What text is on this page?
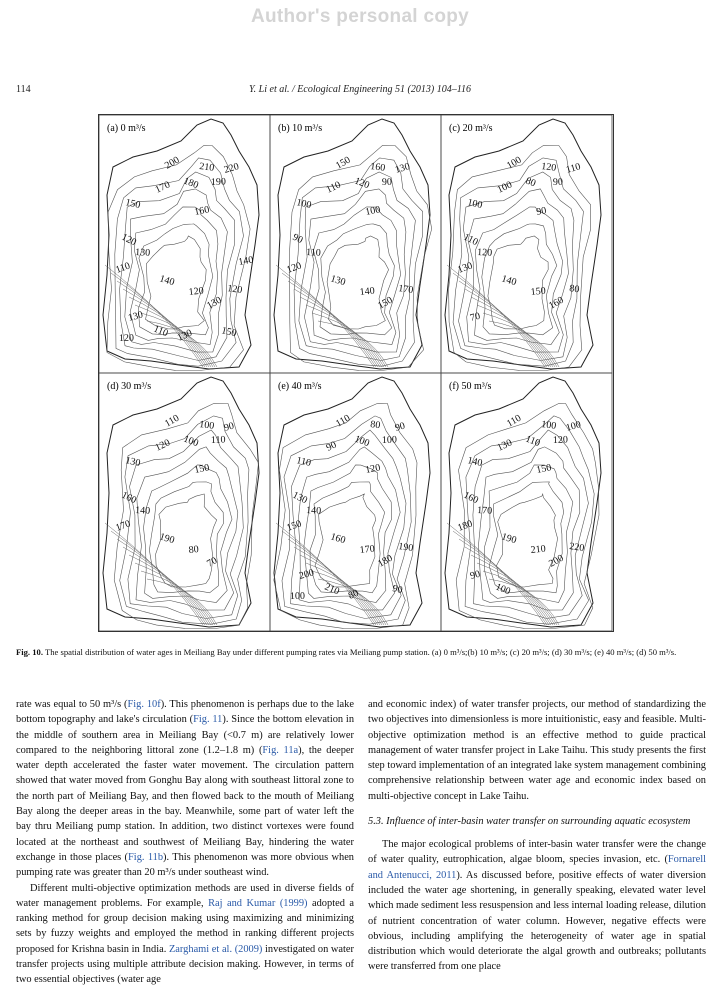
Author's personal copy
114	Y. Li et al. / Ecological Engineering 51 (2013) 104–116
(a) 0 m³/s
200 210 220
180 190
170
150
160
120
130
110
140
120
130
120
130
110
120	130	150
140
(b) 10 m³/s
150 160 130
120 90
110
100
100
90
110
120
130
140
150
170
(c) 20 m³/s
100 120 110
80 90
100
100
90
110
120
130
140
150
160
80
70
(d) 30 m³/s
110 100 90
100 110
120
130
150
160
140
170
190
80
70
(e) 40 m³/s
110 80 90
100 100
90
110
120
130
140
150
160
170
180
190
200
210
100	80	90
(f) 50 m³/s
110 100 100
110 120
130
140
150
160
170
180
190
210
200
220
90
100
Fig. 10. The spatial distribution of water ages in Meiliang Bay under different pumping rates via Meiliang pump station. (a) 0 m³/s;(b) 10 m³/s; (c) 20 m³/s; (d) 30 m³/s; (e) 40 m³/s; (d) 50 m³/s.

rate was equal to 50 m³/s (Fig. 10f). This phenomenon is perhaps due to the lake bottom topography and lake's circulation (Fig. 11). Since the bottom elevation in the middle of southern area in Meiliang Bay (<0.7 m) are relatively lower compared to the neighboring littoral zone (1.2–1.8 m) (Fig. 11a), the deeper water depth accelerated the faster water movement. The circulation pattern showed that water moved from Gonghu Bay along with southeast littoral zone to the north part of Meiliang Bay, and then flowed back to the mouth of Meiliang Bay along the deeper areas in the bay. Meanwhile, some part of water left the bay thru Meiliang pump station. In addition, two distinct vortexes were found located at the northeast and southwest of Meiliang Bay, hindering the water exchange in those places (Fig. 11b). This phenomenon was more obvious when pumping rate was greater than 20 m³/s under southeast wind.

Different multi-objective optimization methods are used in diverse fields of water management problems. For example, Raj and Kumar (1999) adopted a ranking method for group decision making using maximizing and minimizing sets by fuzzy weights and employed the method in ranking different projects proposed for Krishna basin in India. Zarghami et al. (2009) investigated on water transfer projects using multiple attribute decision making. However, in terms of two essential objectives (water age

and economic index) of water transfer projects, our method of standardizing the two objectives into dimensionless is more intuitionistic, easy and feasible. Multi-objective optimization method is an effective method to guide practical management of water transfer project in Lake Taihu. This study presents the first step toward implementation of an integrated lake system management combining comprehensive relationship between water age and economic index based on multi-objective concept in Lake Taihu.

5.3. Influence of inter-basin water transfer on surrounding aquatic ecosystem

The major ecological problems of inter-basin water transfer were the change of water quality, eutrophication, algae bloom, species invasion, etc. (Fornarell and Antenucci, 2011). As discussed before, positive effects of water diversion included the water age shortening, in generally speaking, elevated water level which made sediment less resuspension and less internal loading release, dilution of nutrient concentration of water column. However, negative effects were obvious, including amplifying the heterogeneity of water age in spatial distribution which would deteriorate the algal growth and outbreaks; pollutants were transferred from one place
